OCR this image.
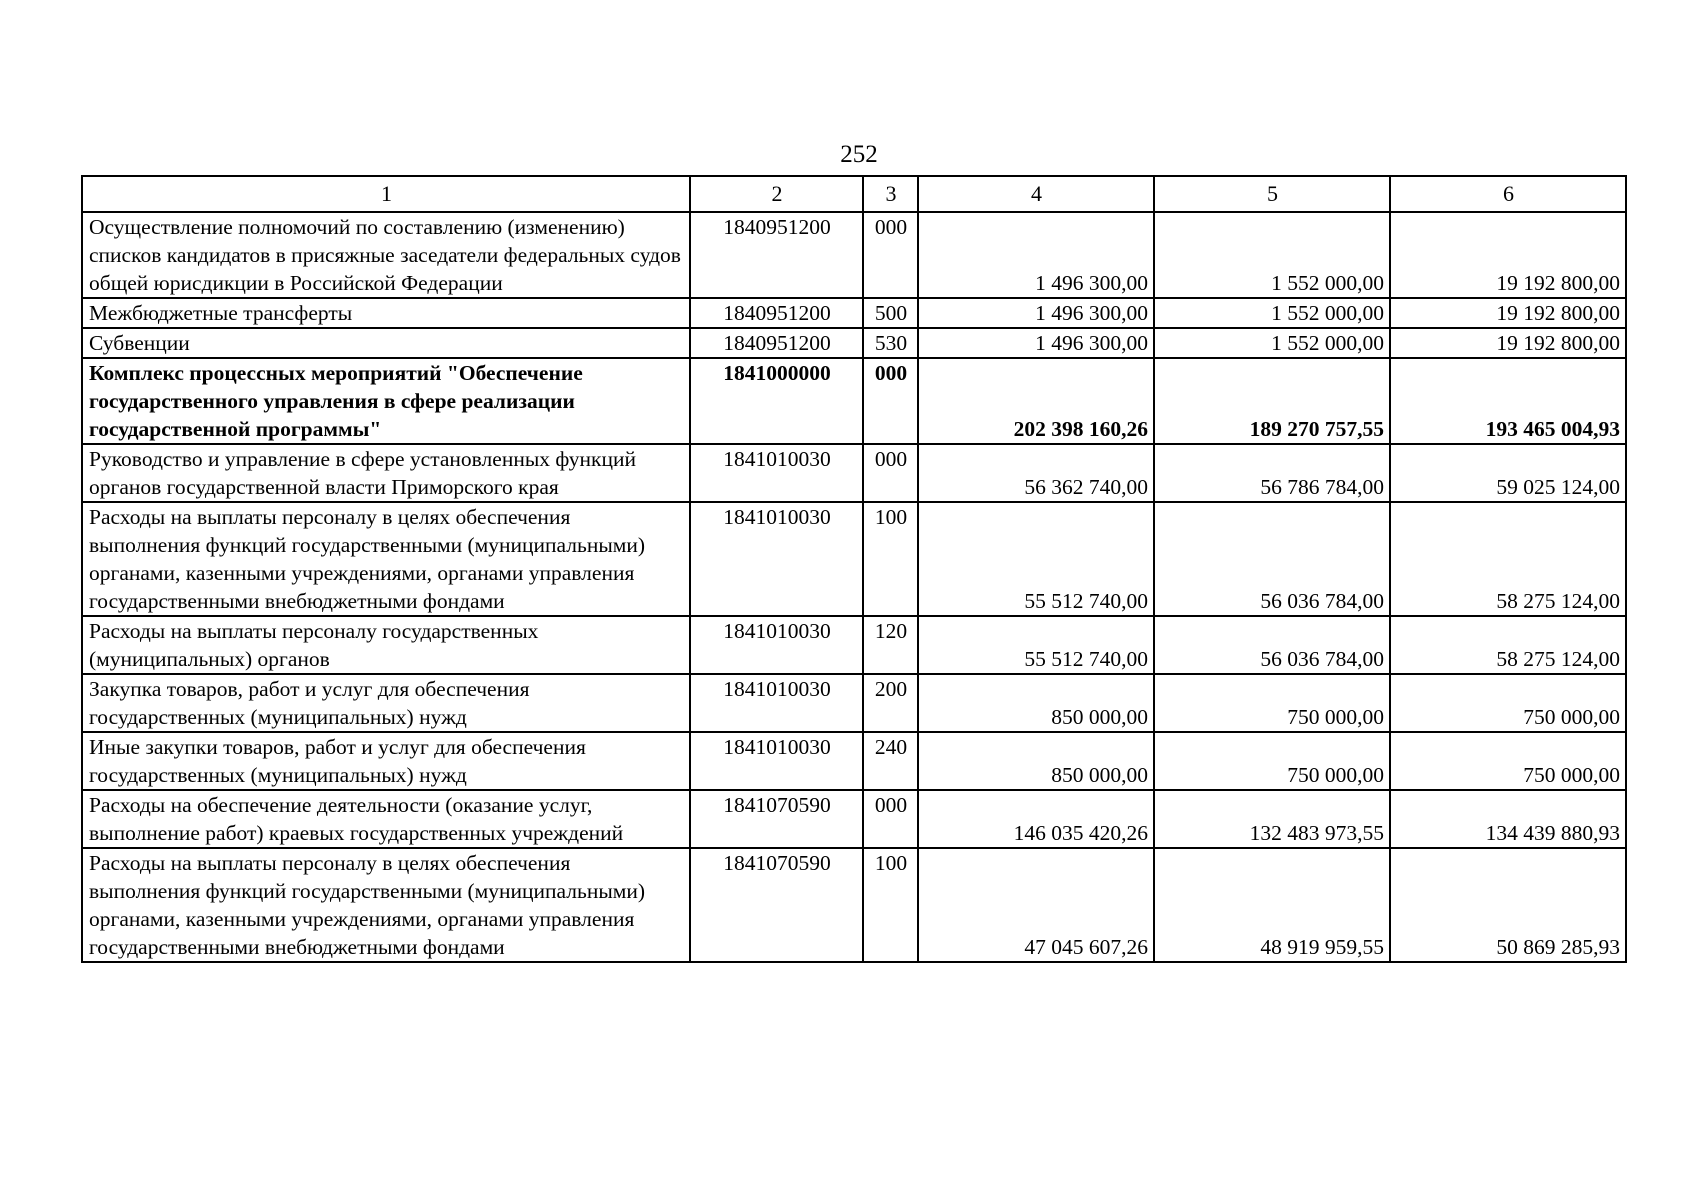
252
1	2	3	4	5	6
Осуществление полномочий по составлению (изменению) списков кандидатов в присяжные заседатели федеральных судов общей юрисдикции в Российской Федерации	1840951200	000	1 496 300,00	1 552 000,00	19 192 800,00
Межбюджетные трансферты	1840951200	500	1 496 300,00	1 552 000,00	19 192 800,00
Субвенции	1840951200	530	1 496 300,00	1 552 000,00	19 192 800,00
Комплекс процессных мероприятий "Обеспечение государственного управления в сфере реализации государственной программы"	1841000000	000	202 398 160,26	189 270 757,55	193 465 004,93
Руководство и управление в сфере установленных функций органов государственной власти Приморского края	1841010030	000	56 362 740,00	56 786 784,00	59 025 124,00
Расходы на выплаты персоналу в целях обеспечения выполнения функций государственными (муниципальными) органами, казенными учреждениями, органами управления государственными внебюджетными фондами	1841010030	100	55 512 740,00	56 036 784,00	58 275 124,00
Расходы на выплаты персоналу государственных (муниципальных) органов	1841010030	120	55 512 740,00	56 036 784,00	58 275 124,00
Закупка товаров, работ и услуг для обеспечения государственных (муниципальных) нужд	1841010030	200	850 000,00	750 000,00	750 000,00
Иные закупки товаров, работ и услуг для обеспечения государственных (муниципальных) нужд	1841010030	240	850 000,00	750 000,00	750 000,00
Расходы на обеспечение деятельности (оказание услуг, выполнение работ) краевых государственных учреждений	1841070590	000	146 035 420,26	132 483 973,55	134 439 880,93
Расходы на выплаты персоналу в целях обеспечения выполнения функций государственными (муниципальными) органами, казенными учреждениями, органами управления государственными внебюджетными фондами	1841070590	100	47 045 607,26	48 919 959,55	50 869 285,93
